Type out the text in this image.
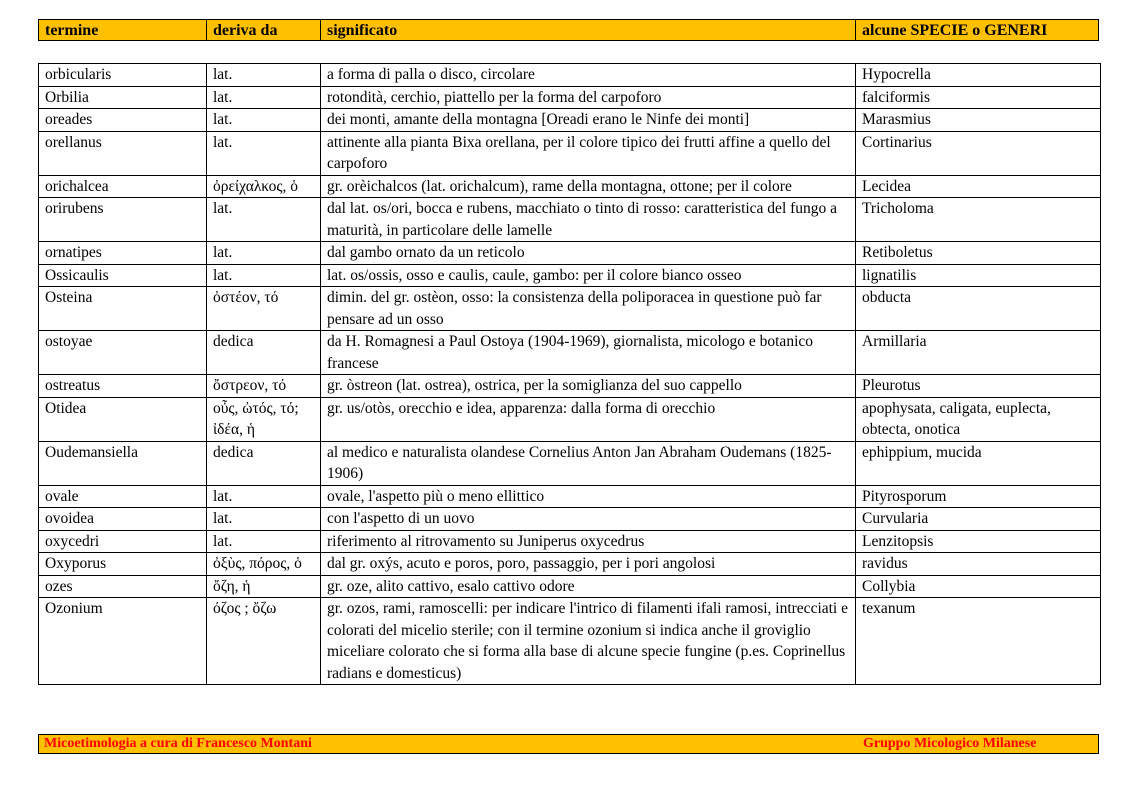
termine	deriva da	significato	alcune SPECIE o GENERI
orbicularis	lat.	a forma di palla o disco, circolare	Hypocrella
Orbilia	lat.	rotondità, cerchio, piattello per la forma del carpoforo	falciformis
oreades	lat.	dei monti, amante della montagna [Oreadi erano le Ninfe dei monti]	Marasmius
orellanus	lat.	attinente alla pianta Bixa orellana, per il colore tipico dei frutti affine a quello del carpoforo	Cortinarius
orichalcea	ὀρείχαλκος, ὁ	gr. orèichalcos (lat. orichalcum), rame della montagna, ottone; per il colore	Lecidea
orirubens	lat.	dal lat. os/ori, bocca e rubens, macchiato o tinto di rosso: caratteristica del fungo a maturità, in particolare delle lamelle	Tricholoma
ornatipes	lat.	dal gambo ornato da un reticolo	Retiboletus
Ossicaulis	lat.	lat. os/ossis, osso e caulis, caule, gambo: per il colore bianco osseo	lignatilis
Osteina	ὀστέον, τό	dimin. del gr. ostèon, osso: la consistenza della poliporacea in questione può far pensare ad un osso	obducta
ostoyae	dedica	da H. Romagnesi a Paul Ostoya (1904-1969), giornalista, micologo e botanico francese	Armillaria
ostreatus	ὄστρεον, τό	gr. òstreon (lat. ostrea), ostrica, per la somiglianza del suo cappello	Pleurotus
Otidea	οὖς, ὠτός, τό; ἰδέα, ἡ	gr. us/otòs, orecchio e idea, apparenza: dalla forma di orecchio	apophysata, caligata, euplecta, obtecta, onotica
Oudemansiella	dedica	al medico e naturalista olandese Cornelius Anton Jan Abraham Oudemans (1825-1906)	ephippium, mucida
ovale	lat.	ovale, l'aspetto più o meno ellittico	Pityrosporum
ovoidea	lat.	con l'aspetto di un uovo	Curvularia
oxycedri	lat.	riferimento al ritrovamento su Juniperus oxycedrus	Lenzitopsis
Oxyporus	ὀξὺς, πόρος, ὁ	dal gr. oxýs, acuto e poros, poro, passaggio, per i pori angolosi	ravidus
ozes	ὄζη, ἡ	gr. oze, alito cattivo, esalo cattivo odore	Collybia
Ozonium	όζος ; ὄζω	gr. ozos, rami, ramoscelli: per indicare l'intrico di filamenti ifali ramosi, intrecciati e colorati del micelio sterile; con il termine ozonium si indica anche il groviglio miceliare colorato che si forma alla base di alcune specie fungine (p.es. Coprinellus radians e domesticus)	texanum
Micoetimologia a cura di Francesco Montani	Gruppo Micologico Milanese
